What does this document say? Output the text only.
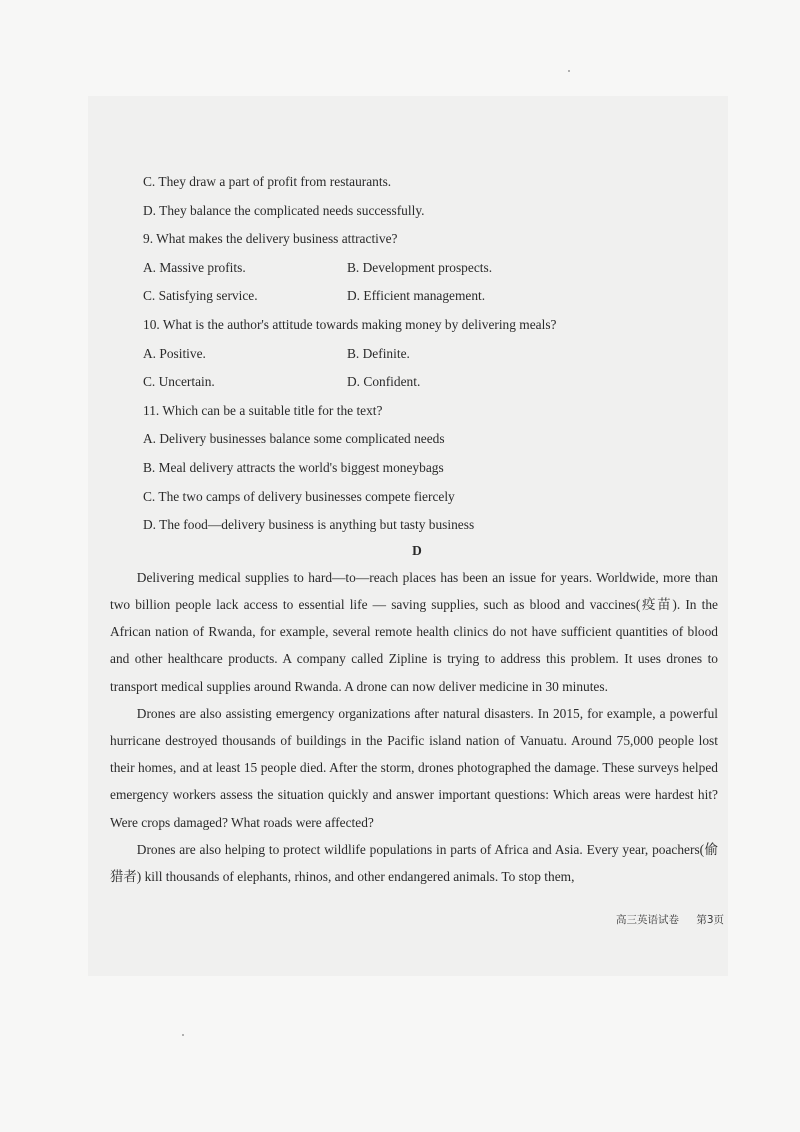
C. They draw a part of profit from restaurants.
D. They balance the complicated needs successfully.
9. What makes the delivery business attractive?
A. Massive profits.	B. Development prospects.
C. Satisfying service.	D. Efficient management.
10. What is the author's attitude towards making money by delivering meals?
A. Positive.	B. Definite.
C. Uncertain.	D. Confident.
11. Which can be a suitable title for the text?
A. Delivery businesses balance some complicated needs
B. Meal delivery attracts the world's biggest moneybags
C. The two camps of delivery businesses compete fiercely
D. The food—delivery business is anything but tasty business
D

Delivering medical supplies to hard—to—reach places has been an issue for years. Worldwide, more than two billion people lack access to essential life — saving supplies, such as blood and vaccines(疫苗). In the African nation of Rwanda, for example, several remote health clinics do not have sufficient quantities of blood and other healthcare products. A company called Zipline is trying to address this problem. It uses drones to transport medical supplies around Rwanda. A drone can now deliver medicine in 30 minutes.

Drones are also assisting emergency organizations after natural disasters. In 2015, for example, a powerful hurricane destroyed thousands of buildings in the Pacific island nation of Vanuatu. Around 75,000 people lost their homes, and at least 15 people died. After the storm, drones photographed the damage. These surveys helped emergency workers assess the situation quickly and answer important questions: Which areas were hardest hit? Were crops damaged? What roads were affected?

Drones are also helping to protect wildlife populations in parts of Africa and Asia. Every year, poachers(偷猎者) kill thousands of elephants, rhinos, and other endangered animals. To stop them,

高三英语试卷 第3页
